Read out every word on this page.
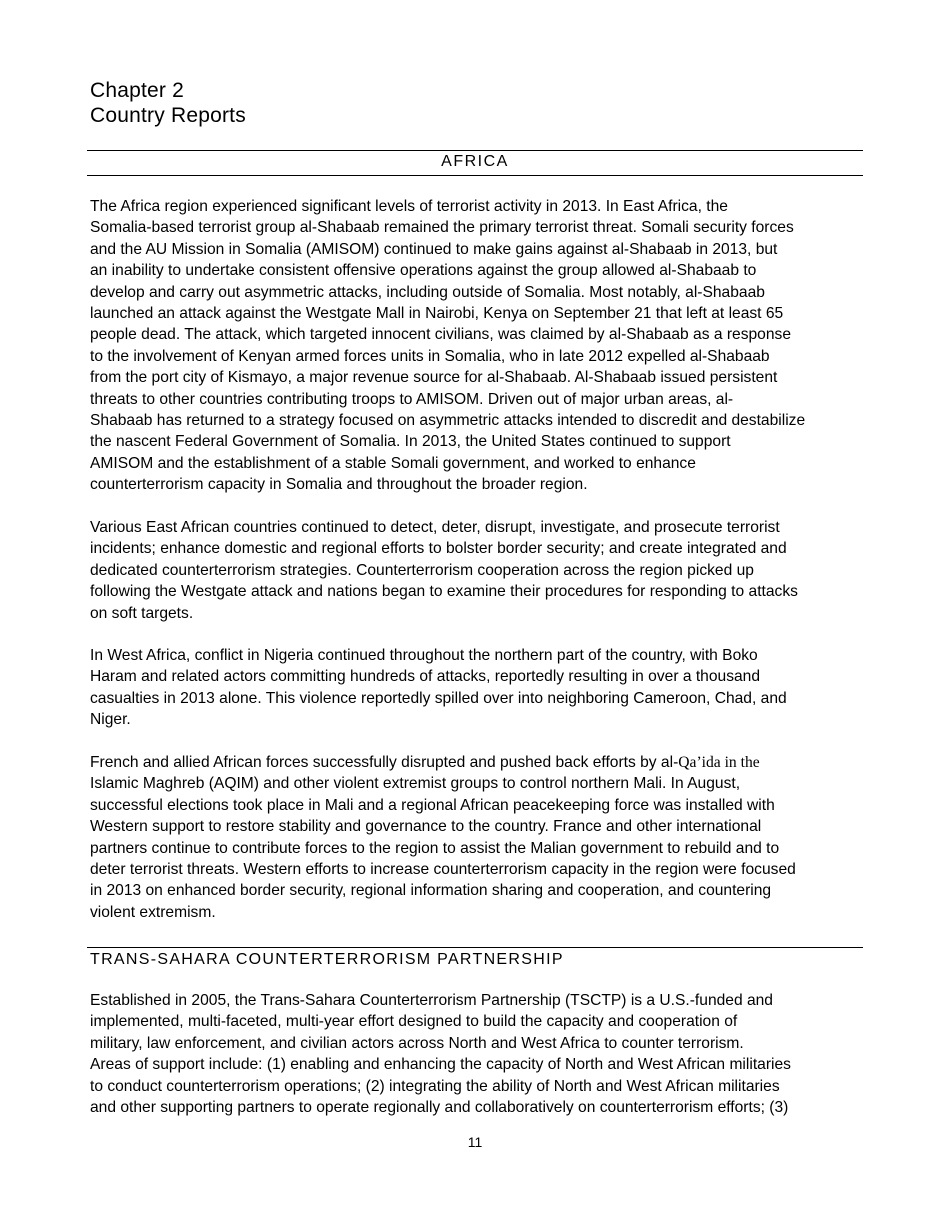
Chapter 2
Country Reports
AFRICA

The Africa region experienced significant levels of terrorist activity in 2013. In East Africa, the
Somalia-based terrorist group al-Shabaab remained the primary terrorist threat. Somali security forces
and the AU Mission in Somalia (AMISOM) continued to make gains against al-Shabaab in 2013, but
an inability to undertake consistent offensive operations against the group allowed al-Shabaab to
develop and carry out asymmetric attacks, including outside of Somalia. Most notably, al-Shabaab
launched an attack against the Westgate Mall in Nairobi, Kenya on September 21 that left at least 65
people dead. The attack, which targeted innocent civilians, was claimed by al-Shabaab as a response
to the involvement of Kenyan armed forces units in Somalia, who in late 2012 expelled al-Shabaab
from the port city of Kismayo, a major revenue source for al-Shabaab. Al-Shabaab issued persistent
threats to other countries contributing troops to AMISOM. Driven out of major urban areas, al-
Shabaab has returned to a strategy focused on asymmetric attacks intended to discredit and destabilize
the nascent Federal Government of Somalia. In 2013, the United States continued to support
AMISOM and the establishment of a stable Somali government, and worked to enhance
counterterrorism capacity in Somalia and throughout the broader region.

Various East African countries continued to detect, deter, disrupt, investigate, and prosecute terrorist
incidents; enhance domestic and regional efforts to bolster border security; and create integrated and
dedicated counterterrorism strategies. Counterterrorism cooperation across the region picked up
following the Westgate attack and nations began to examine their procedures for responding to attacks
on soft targets.

In West Africa, conflict in Nigeria continued throughout the northern part of the country, with Boko
Haram and related actors committing hundreds of attacks, reportedly resulting in over a thousand
casualties in 2013 alone. This violence reportedly spilled over into neighboring Cameroon, Chad, and
Niger.

French and allied African forces successfully disrupted and pushed back efforts by al-Qa’ida in the
Islamic Maghreb (AQIM) and other violent extremist groups to control northern Mali. In August,
successful elections took place in Mali and a regional African peacekeeping force was installed with
Western support to restore stability and governance to the country. France and other international
partners continue to contribute forces to the region to assist the Malian government to rebuild and to
deter terrorist threats. Western efforts to increase counterterrorism capacity in the region were focused
in 2013 on enhanced border security, regional information sharing and cooperation, and countering
violent extremism.

TRANS-SAHARA COUNTERTERRORISM PARTNERSHIP

Established in 2005, the Trans-Sahara Counterterrorism Partnership (TSCTP) is a U.S.-funded and
implemented, multi-faceted, multi-year effort designed to build the capacity and cooperation of
military, law enforcement, and civilian actors across North and West Africa to counter terrorism.
Areas of support include: (1) enabling and enhancing the capacity of North and West African militaries
to conduct counterterrorism operations; (2) integrating the ability of North and West African militaries
and other supporting partners to operate regionally and collaboratively on counterterrorism efforts; (3)

11
